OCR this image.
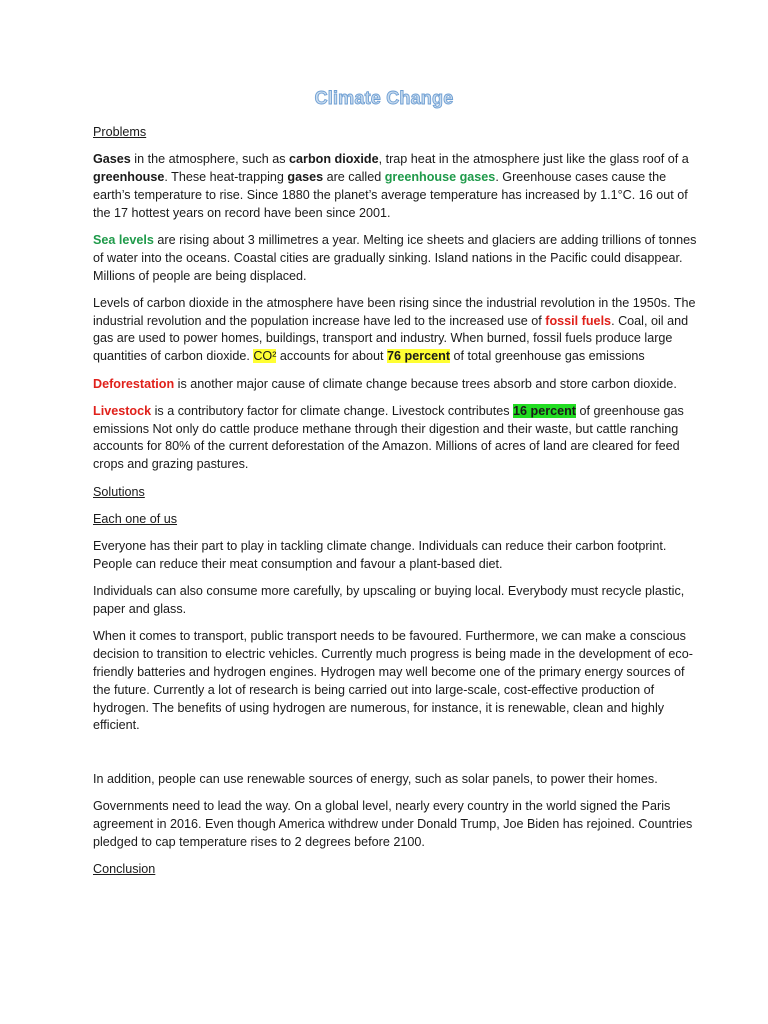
Climate Change

Problems

Gases in the atmosphere, such as carbon dioxide, trap heat in the atmosphere just like the glass roof of a greenhouse. These heat-trapping gases are called greenhouse gases. Greenhouse cases cause the earth’s temperature to rise. Since 1880 the planet’s average temperature has increased by 1.1°C. 16 out of the 17 hottest years on record have been since 2001.

Sea levels are rising about 3 millimetres a year. Melting ice sheets and glaciers are adding trillions of tonnes of water into the oceans. Coastal cities are gradually sinking. Island nations in the Pacific could disappear. Millions of people are being displaced.

Levels of carbon dioxide in the atmosphere have been rising since the industrial revolution in the 1950s. The industrial revolution and the population increase have led to the increased use of fossil fuels. Coal, oil and gas are used to power homes, buildings, transport and industry. When burned, fossil fuels produce large quantities of carbon dioxide. CO² accounts for about 76 percent of total greenhouse gas emissions

Deforestation is another major cause of climate change because trees absorb and store carbon dioxide.

Livestock is a contributory factor for climate change. Livestock contributes 16 percent of greenhouse gas emissions Not only do cattle produce methane through their digestion and their waste, but cattle ranching accounts for 80% of the current deforestation of the Amazon. Millions of acres of land are cleared for feed crops and grazing pastures.

Solutions

Each one of us

Everyone has their part to play in tackling climate change. Individuals can reduce their carbon footprint. People can reduce their meat consumption and favour a plant-based diet.

Individuals can also consume more carefully, by upscaling or buying local. Everybody must recycle plastic, paper and glass.

When it comes to transport, public transport needs to be favoured. Furthermore, we can make a conscious decision to transition to electric vehicles. Currently much progress is being made in the development of eco-friendly batteries and hydrogen engines. Hydrogen may well become one of the primary energy sources of the future. Currently a lot of research is being carried out into large-scale, cost-effective production of hydrogen. The benefits of using hydrogen are numerous, for instance, it is renewable, clean and highly efficient.

In addition, people can use renewable sources of energy, such as solar panels, to power their homes.

Governments need to lead the way. On a global level, nearly every country in the world signed the Paris agreement in 2016. Even though America withdrew under Donald Trump, Joe Biden has rejoined. Countries pledged to cap temperature rises to 2 degrees before 2100.

Conclusion
